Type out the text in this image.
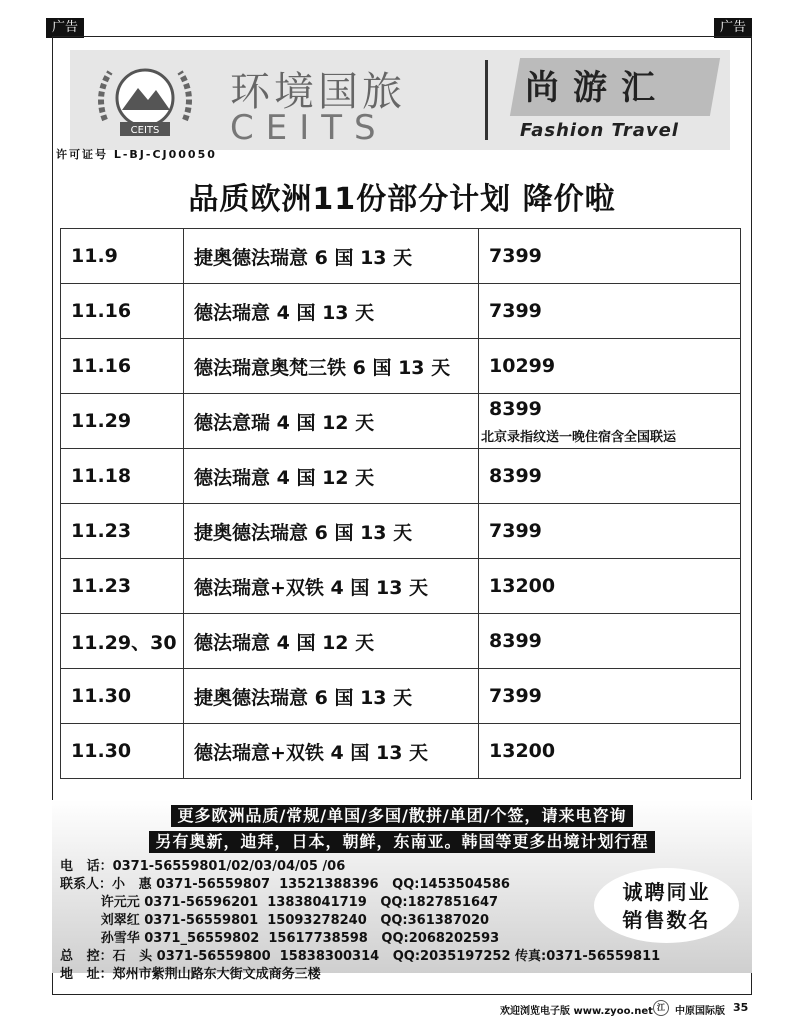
广告	广告
CEITS
环境国旅
CEITS
尚游汇
Fashion Travel
许可证号 L-BJ-CJ00050
品质欧洲11份部分计划 降价啦
11.9	捷奥德法瑞意 6 国 13 天	7399
11.16	德法瑞意 4 国 13 天	7399
11.16	德法瑞意奥梵三铁 6 国 13 天	10299
11.29	德法意瑞 4 国 12 天	8399
北京录指纹送一晚住宿含全国联运

11.18	德法瑞意 4 国 12 天	8399
11.23	捷奥德法瑞意 6 国 13 天	7399
11.23	德法瑞意+双铁 4 国 13 天	13200
11.29、30	德法瑞意 4 国 12 天	8399
11.30	捷奥德法瑞意 6 国 13 天	7399
11.30	德法瑞意+双铁 4 国 13 天	13200
更多欧洲品质/常规/单国/多国/散拼/单团/个签，请来电咨询
另有奥新，迪拜，日本，朝鲜，东南亚。韩国等更多出境计划行程
电   话：0371-56559801/02/03/04/05 /06
联系人：小   惠 0371-56559807  13521388396   QQ:1453504586
许元元 0371-56596201  13838041719   QQ:1827851647
刘翠红 0371-56559801  15093278240   QQ:361387020
孙雪华 0371_56559802  15617738598   QQ:2068202593
总   控：石   头 0371-56559800  15838300314   QQ:2035197252 传真:0371-56559811
地   址：郑州市紫荆山路东大街文成商务三楼
诚聘同业
销售数名
欢迎浏览电子版 www.zyoo.net 江	中原国际版 35
